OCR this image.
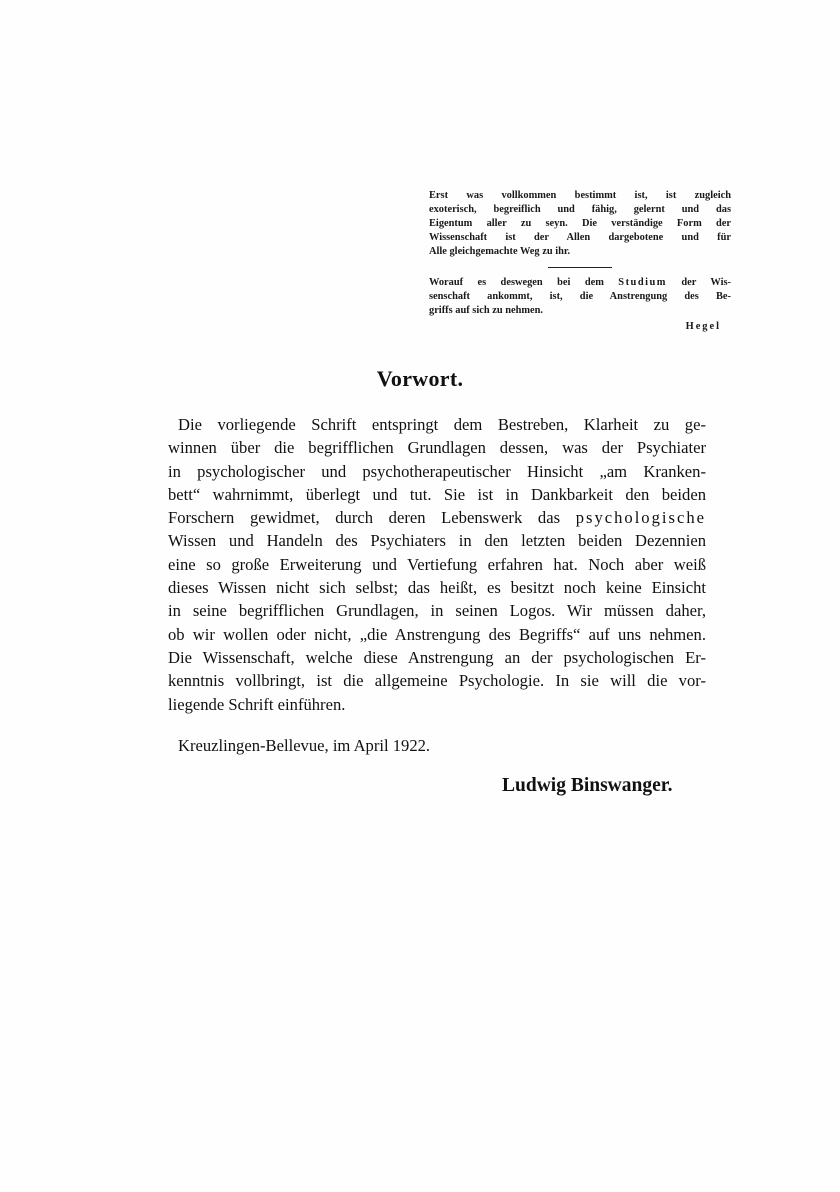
Erst was vollkommen bestimmt ist, ist zugleich
exoterisch, begreiflich und fähig, gelernt und das
Eigentum aller zu seyn. Die verständige Form der
Wissenschaft ist der Allen dargebotene und für
Alle gleichgemachte Weg zu ihr.
Worauf es deswegen bei dem Studium der Wis-
senschaft ankommt, ist, die Anstrengung des Be-
griffs auf sich zu nehmen.
Hegel
Vorwort.
Die vorliegende Schrift entspringt dem Bestreben, Klarheit zu ge-
winnen über die begrifflichen Grundlagen dessen, was der Psychiater
in psychologischer und psychotherapeutischer Hinsicht „am Kranken-
bett“ wahrnimmt, überlegt und tut. Sie ist in Dankbarkeit den beiden
Forschern gewidmet, durch deren Lebenswerk das psychologische
Wissen und Handeln des Psychiaters in den letzten beiden Dezennien
eine so große Erweiterung und Vertiefung erfahren hat. Noch aber weiß
dieses Wissen nicht sich selbst; das heißt, es besitzt noch keine Einsicht
in seine begrifflichen Grundlagen, in seinen Logos. Wir müssen daher,
ob wir wollen oder nicht, „die Anstrengung des Begriffs“ auf uns nehmen.
Die Wissenschaft, welche diese Anstrengung an der psychologischen Er-
kenntnis vollbringt, ist die allgemeine Psychologie. In sie will die vor-
liegende Schrift einführen.
Kreuzlingen-Bellevue, im April 1922.
Ludwig Binswanger.
